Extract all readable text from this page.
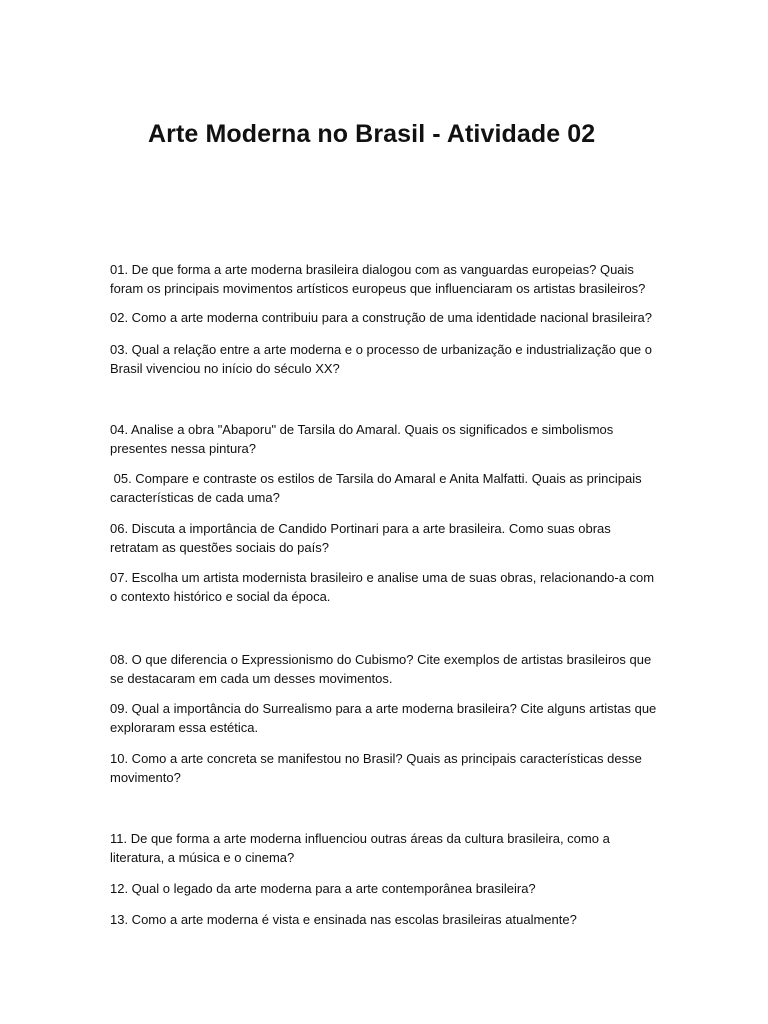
Arte Moderna no Brasil - Atividade 02

01. De que forma a arte moderna brasileira dialogou com as vanguardas europeias? Quais
foram os principais movimentos artísticos europeus que influenciaram os artistas brasileiros?

02. Como a arte moderna contribuiu para a construção de uma identidade nacional brasileira?

03. Qual a relação entre a arte moderna e o processo de urbanização e industrialização que o
Brasil vivenciou no início do século XX?

04. Analise a obra "Abaporu" de Tarsila do Amaral. Quais os significados e simbolismos
presentes nessa pintura?

05. Compare e contraste os estilos de Tarsila do Amaral e Anita Malfatti. Quais as principais
características de cada uma?

06. Discuta a importância de Candido Portinari para a arte brasileira. Como suas obras
retratam as questões sociais do país?

07. Escolha um artista modernista brasileiro e analise uma de suas obras, relacionando-a com
o contexto histórico e social da época.

08. O que diferencia o Expressionismo do Cubismo? Cite exemplos de artistas brasileiros que
se destacaram em cada um desses movimentos.

09. Qual a importância do Surrealismo para a arte moderna brasileira? Cite alguns artistas que
exploraram essa estética.

10. Como a arte concreta se manifestou no Brasil? Quais as principais características desse
movimento?

11. De que forma a arte moderna influenciou outras áreas da cultura brasileira, como a
literatura, a música e o cinema?

12. Qual o legado da arte moderna para a arte contemporânea brasileira?

13. Como a arte moderna é vista e ensinada nas escolas brasileiras atualmente?
